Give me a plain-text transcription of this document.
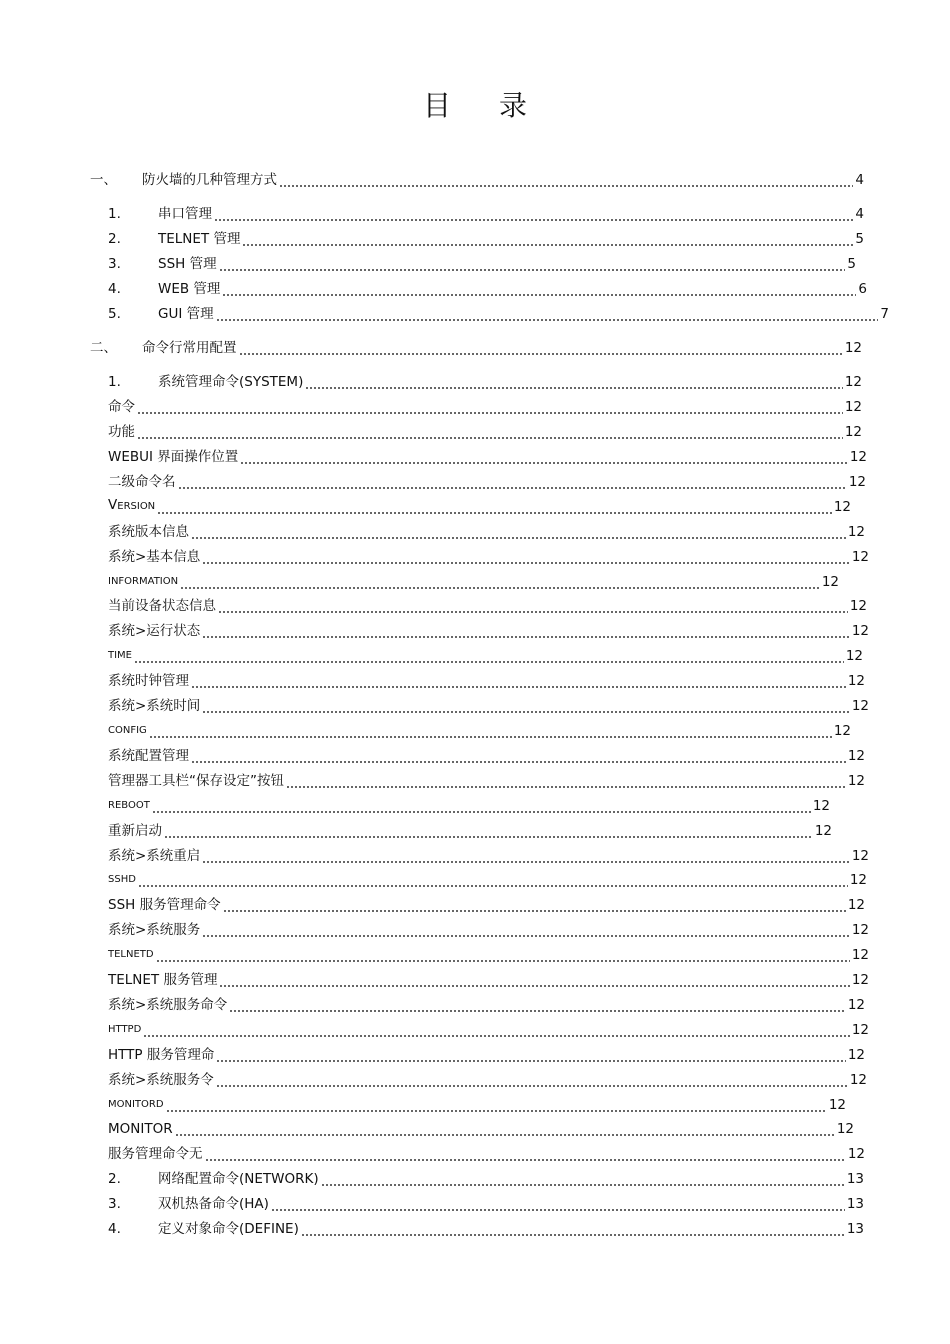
目 录
一、	防火墙的几种管理方式	4
1.	串口管理	4
2.	TELNET 管理	5
3.	SSH 管理	5
4.	WEB 管理	6
5.	GUI 管理	7
二、	命令行常用配置	12
1.	系统管理命令(SYSTEM)	12
命令	12
功能	12
WEBUI 界面操作位置	12
二级命令名	12
VERSION	12
系统版本信息	12
系统>基本信息	12
INFORMATION	12
当前设备状态信息	12
系统>运行状态	12
TIME	12
系统时钟管理	12
系统>系统时间	12
CONFIG	12
系统配置管理	12
管理器工具栏“保存设定”按钮	12
REBOOT	12
重新启动	12
系统>系统重启	12
SSHD	12
SSH 服务管理命令	12
系统>系统服务	12
TELNETD	12
TELNET 服务管理	12
系统>系统服务命令	12
HTTPD	12
HTTP 服务管理命	12
系统>系统服务令	12
MONITORD	12
MONITOR	12
服务管理命令无	12
2.	网络配置命令(NETWORK)	13
3.	双机热备命令(HA)	13
4.	定义对象命令(DEFINE)	13
